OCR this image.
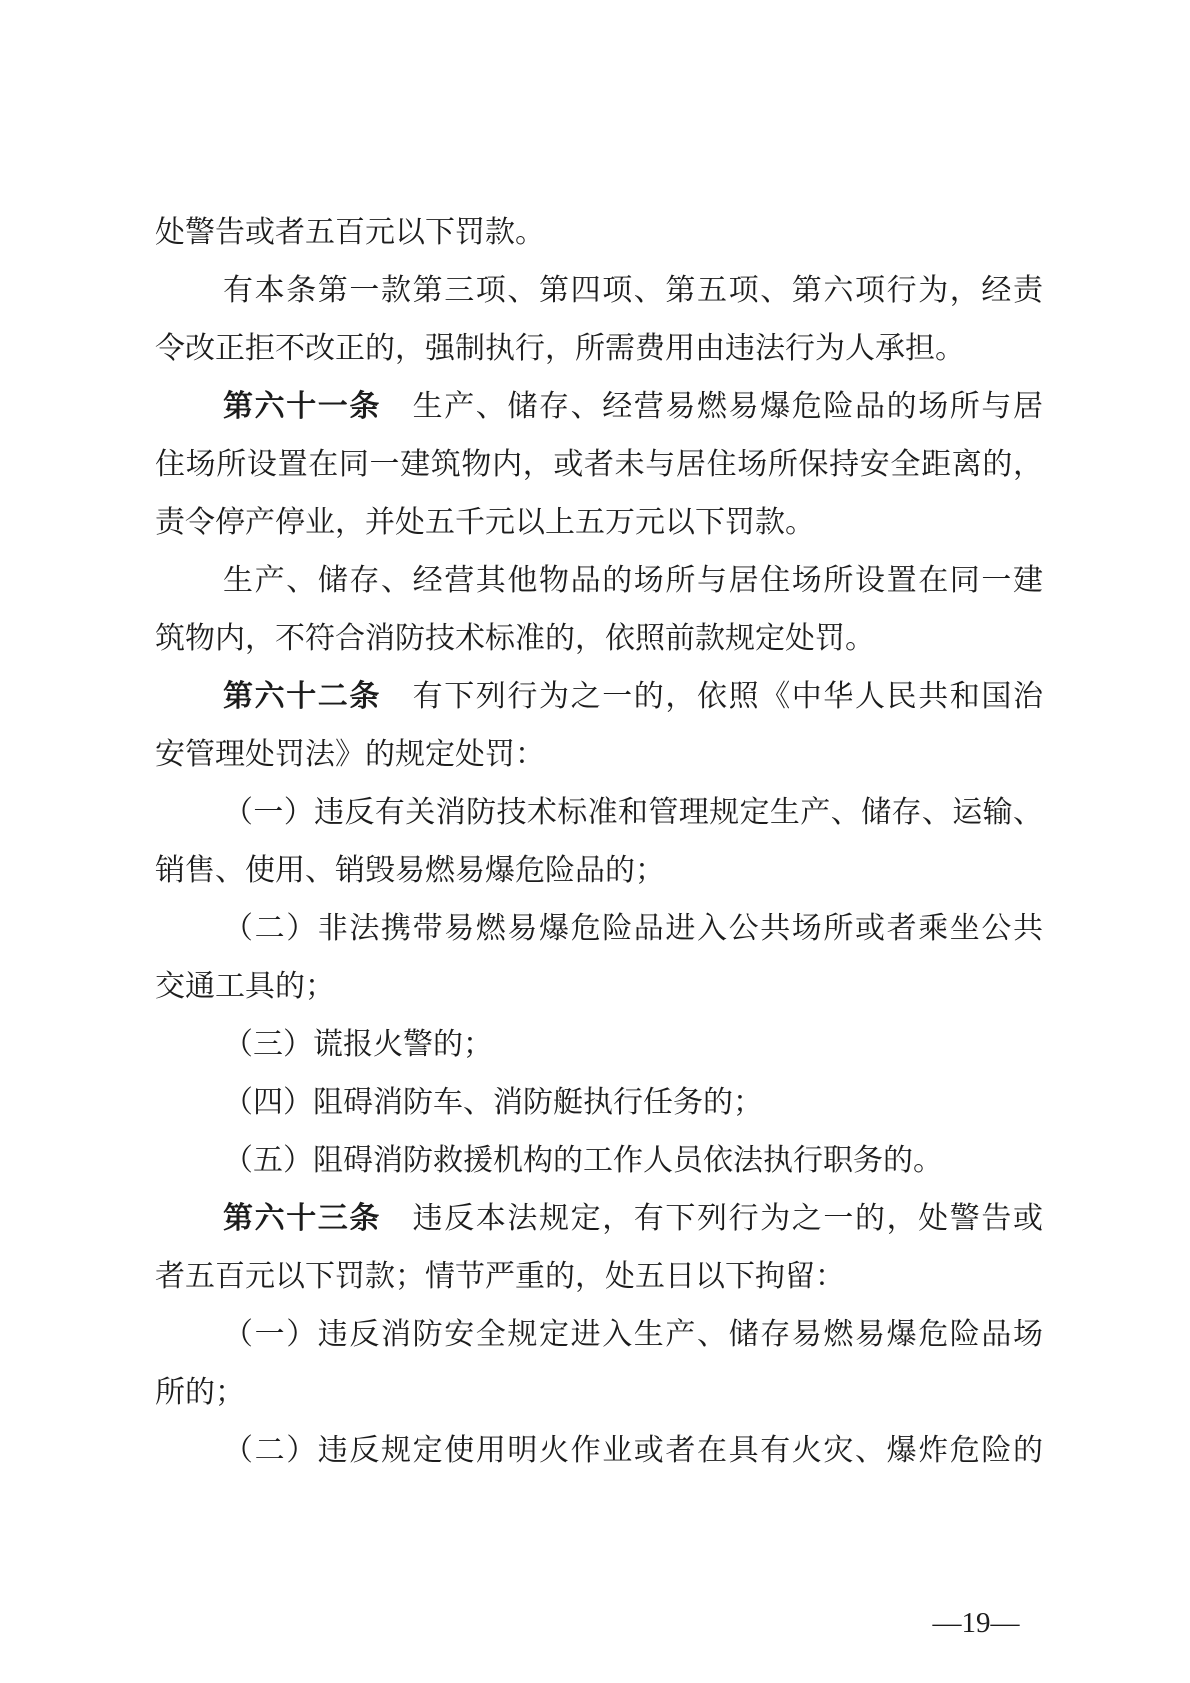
处警告或者五百元以下罚款。
有本条第一款第三项、第四项、第五项、第六项行为，经责
令改正拒不改正的，强制执行，所需费用由违法行为人承担。
第六十一条　生产、储存、经营易燃易爆危险品的场所与居
住场所设置在同一建筑物内，或者未与居住场所保持安全距离的，
责令停产停业，并处五千元以上五万元以下罚款。
生产、储存、经营其他物品的场所与居住场所设置在同一建
筑物内，不符合消防技术标准的，依照前款规定处罚。
第六十二条　有下列行为之一的，依照《中华人民共和国治
安管理处罚法》的规定处罚：
（一）违反有关消防技术标准和管理规定生产、储存、运输、
销售、使用、销毁易燃易爆危险品的；
（二）非法携带易燃易爆危险品进入公共场所或者乘坐公共
交通工具的；
（三）谎报火警的；
（四）阻碍消防车、消防艇执行任务的；
（五）阻碍消防救援机构的工作人员依法执行职务的。
第六十三条　违反本法规定，有下列行为之一的，处警告或
者五百元以下罚款；情节严重的，处五日以下拘留：
（一）违反消防安全规定进入生产、储存易燃易爆危险品场
所的；
（二）违反规定使用明火作业或者在具有火灾、爆炸危险的
—19—
